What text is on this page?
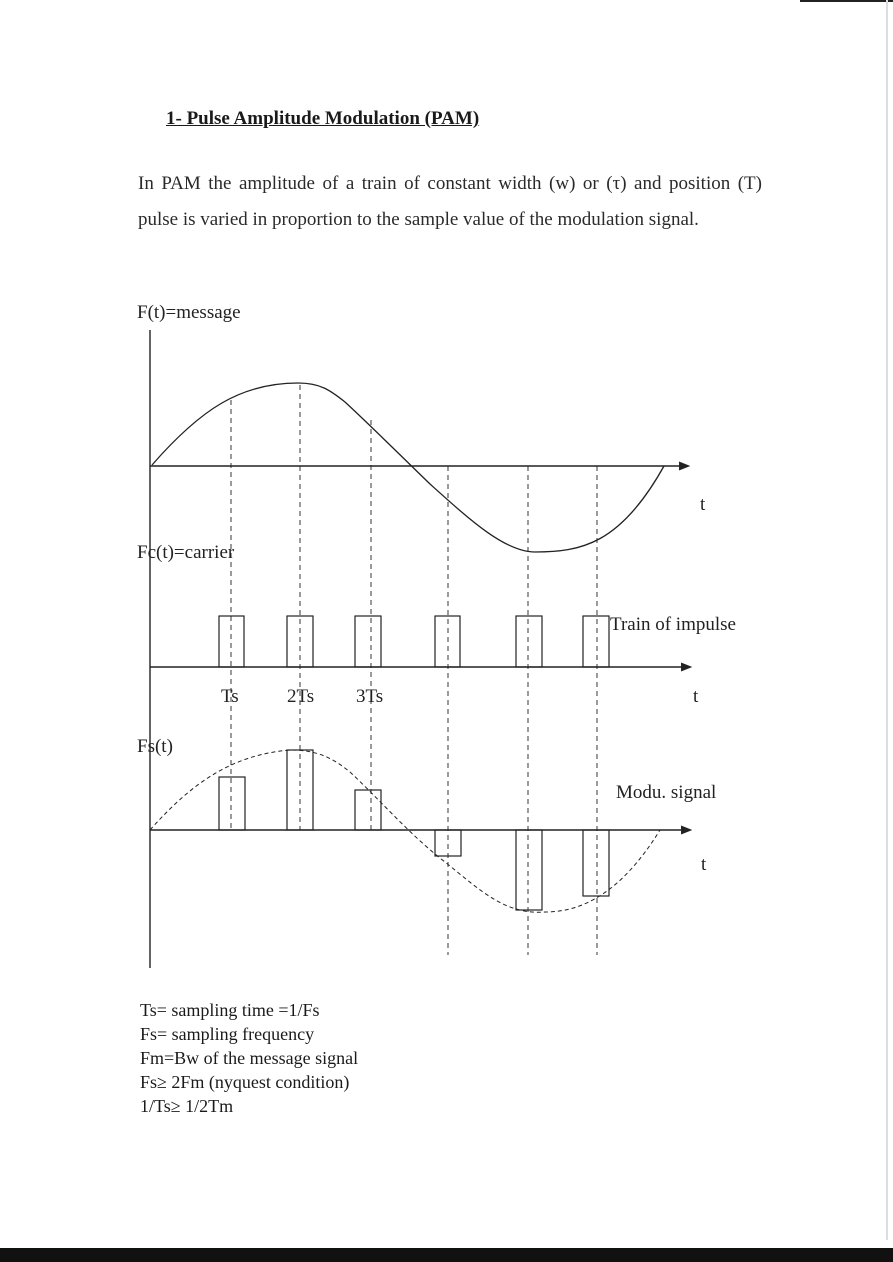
1- Pulse Amplitude Modulation (PAM)
In PAM the amplitude of a train of constant width (w) or (τ) and position (T) pulse is varied in proportion to the sample value of the modulation signal.
F(t)=message
Fc(t)=carrier
Fs(t)
Train of impulse
Modu. signal
t
t
t
Ts	2Ts 3Ts
Ts= sampling time =1/Fs
Fs= sampling frequency
Fm=Bw of the message signal
Fs≥ 2Fm (nyquest condition)
1/Ts≥ 1/2Tm
